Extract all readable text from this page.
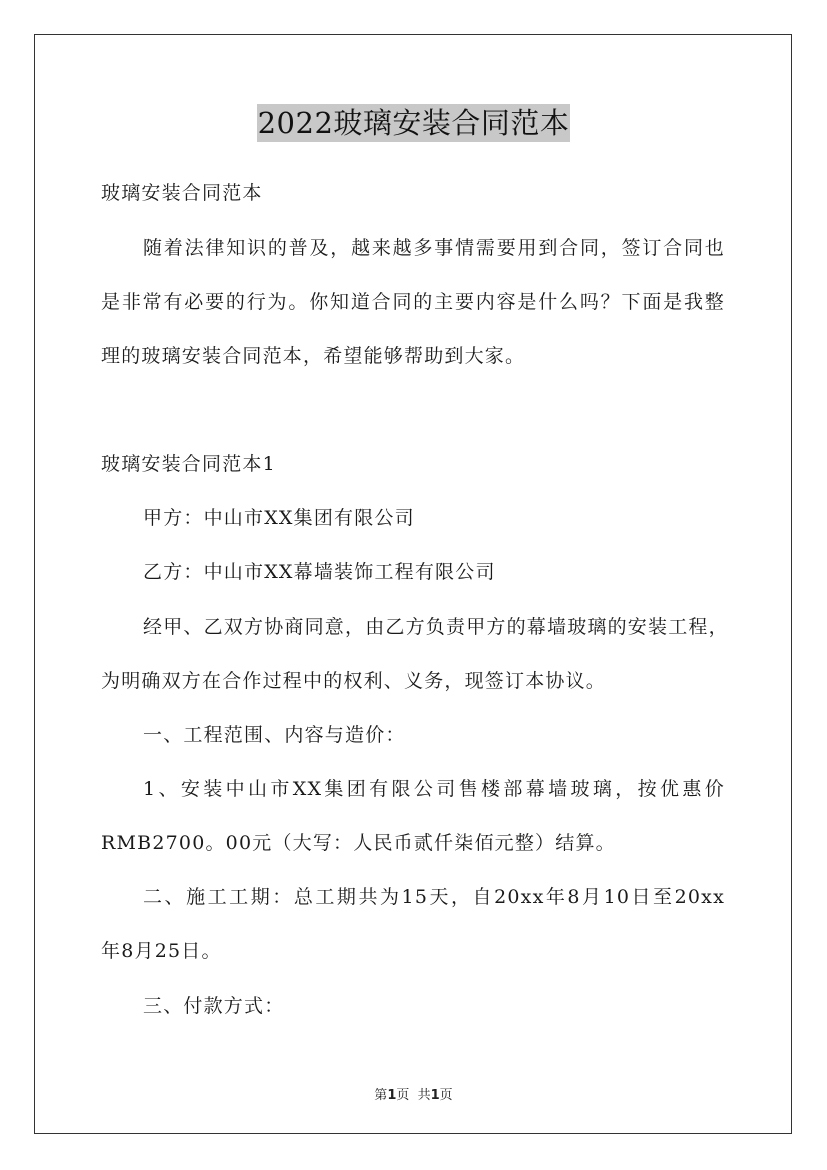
2022玻璃安装合同范本
玻璃安装合同范本
随着法律知识的普及，越来越多事情需要用到合同，签订合同也
是非常有必要的行为。你知道合同的主要内容是什么吗？下面是我整
理的玻璃安装合同范本，希望能够帮助到大家。
玻璃安装合同范本1
甲方：中山市XX集团有限公司
乙方：中山市XX幕墙装饰工程有限公司
经甲、乙双方协商同意，由乙方负责甲方的幕墙玻璃的安装工程，
为明确双方在合作过程中的权利、义务，现签订本协议。
一、工程范围、内容与造价：
1、安装中山市XX集团有限公司售楼部幕墙玻璃，按优惠价
RMB2700。00元（大写：人民币贰仟柒佰元整）结算。
二、施工工期：总工期共为15天，自20xx年8月10日至20xx
年8月25日。
三、付款方式：
第1页  共1页
